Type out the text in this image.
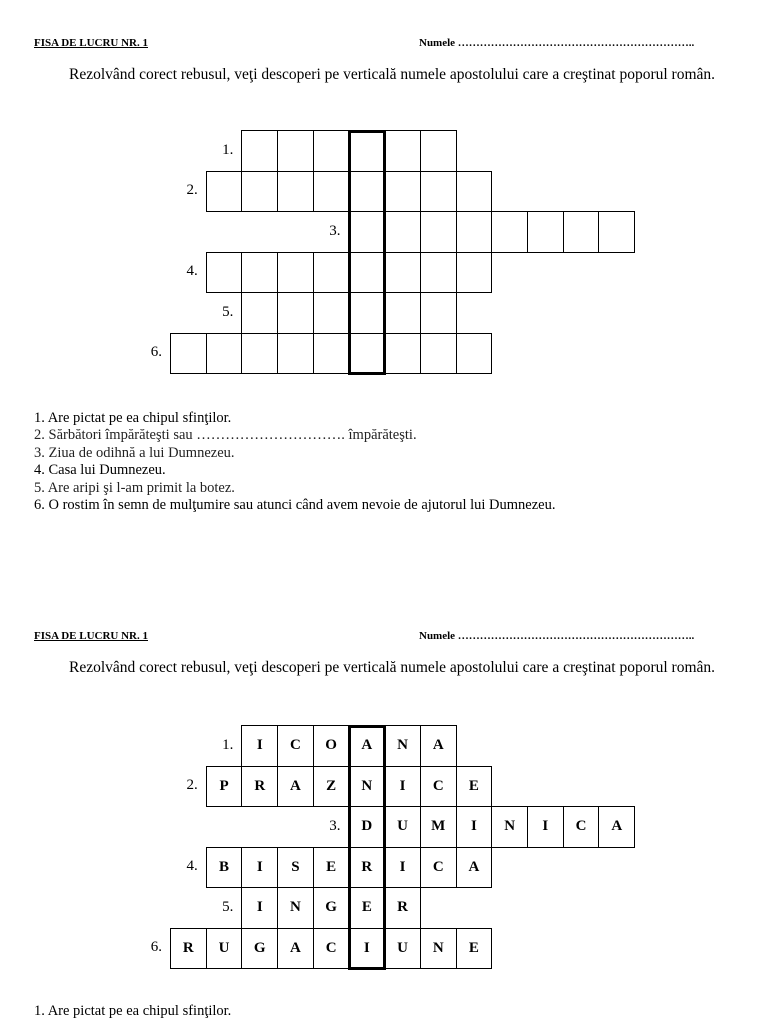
FISA DE LUCRU NR. 1	Numele ………………………………………………………..

Rezolvând corect rebusul, veţi descoperi pe verticală numele apostolului care a creştinat poporul român.

1.
2.
3.
4.
5.
6.
1. Are pictat pe ea chipul sfinţilor.
2. Sărbători împărăteşti sau …………………………. împărăteşti.
3. Ziua de odihnă a lui Dumnezeu.
4. Casa lui Dumnezeu.
5. Are aripi şi l-am primit la botez.
6. O rostim în semn de mulţumire sau atunci când avem nevoie de ajutorul lui Dumnezeu.
FISA DE LUCRU NR. 1	Numele ………………………………………………………..

Rezolvând corect rebusul, veţi descoperi pe verticală numele apostolului care a creştinat poporul român.

1.	I	C	O	A	N	A
2.	P	R	A	Z	N	I	C	E
3.	D	U	M	I	N	I	C	A
4.	B	I	S	E	R	I	C	A
5.	I	N	G	E	R
6.	R	U	G	A	C	I	U	N	E
1. Are pictat pe ea chipul sfinţilor.
